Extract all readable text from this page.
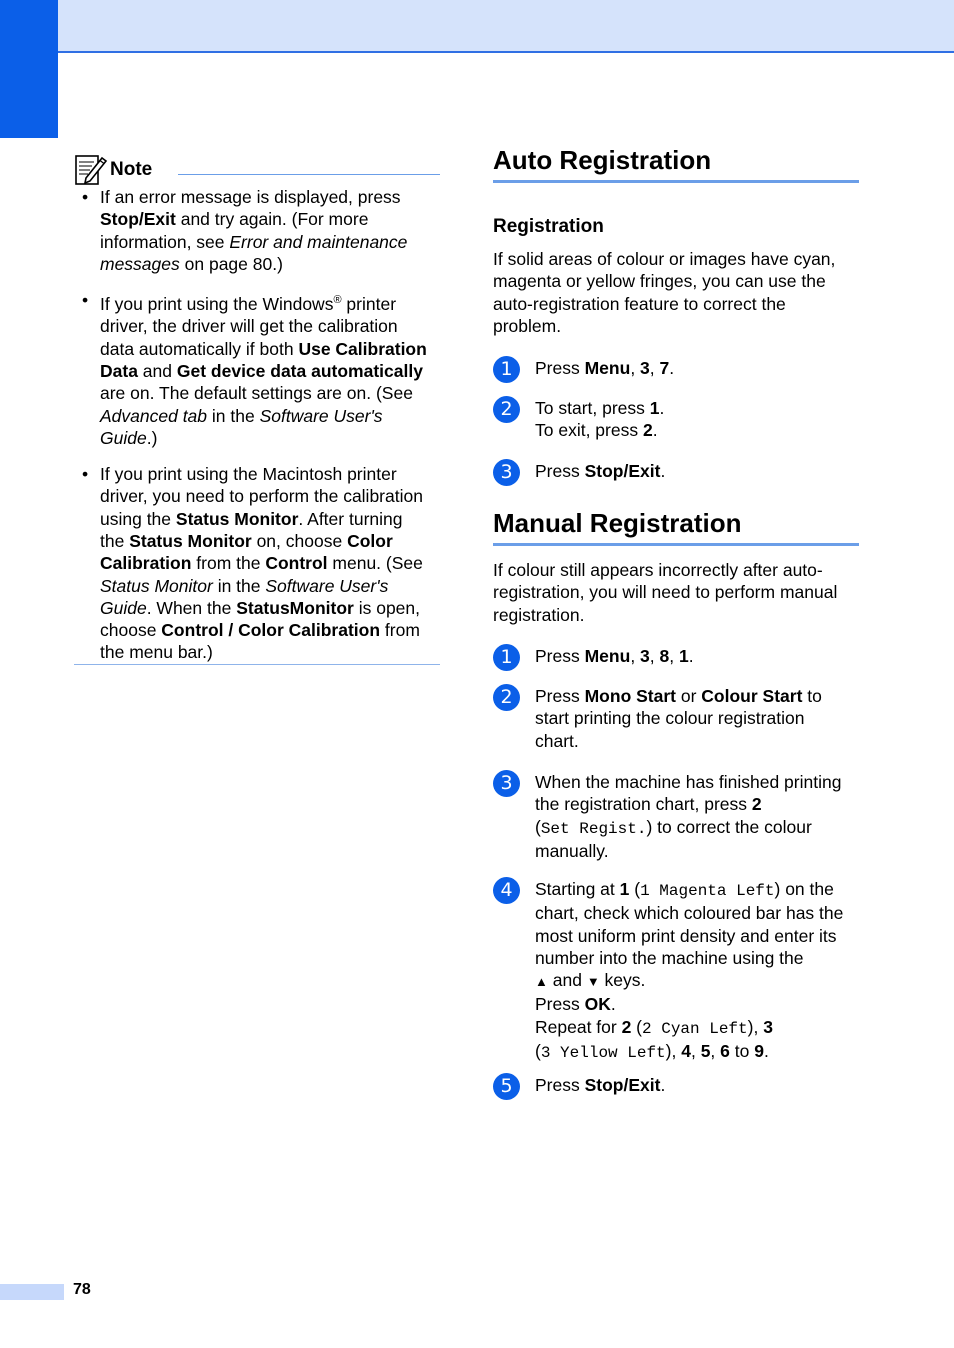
Note
• If an error message is displayed, press
Stop/Exit and try again. (For more
information, see Error and maintenance
messages on page 80.)
• If you print using the Windows® printer
driver, the driver will get the calibration
data automatically if both Use Calibration
Data and Get device data automatically
are on. The default settings are on. (See
Advanced tab in the Software User's
Guide.)
• If you print using the Macintosh printer
driver, you need to perform the calibration
using the Status Monitor. After turning
the Status Monitor on, choose Color
Calibration from the Control menu. (See
Status Monitor in the Software User's
Guide. When the StatusMonitor is open,
choose Control / Color Calibration from
the menu bar.)
Auto Registration
Registration

If solid areas of colour or images have cyan,
magenta or yellow fringes, you can use the
auto-registration feature to correct the
problem.

1	Press Menu, 3, 7.
2	To start, press 1.
To exit, press 2.
3	Press Stop/Exit.
Manual Registration

If colour still appears incorrectly after auto-
registration, you will need to perform manual
registration.

1	Press Menu, 3, 8, 1.
2	Press Mono Start or Colour Start to
start printing the colour registration
chart.
3	When the machine has finished printing
the registration chart, press 2
(Set Regist.) to correct the colour
manually.
4	Starting at 1 (1 Magenta Left) on the
chart, check which coloured bar has the
most uniform print density and enter its
number into the machine using the
▲ and ▼ keys.
Press OK.
Repeat for 2 (2 Cyan Left), 3
(3 Yellow Left), 4, 5, 6 to 9.
5	Press Stop/Exit.
78
